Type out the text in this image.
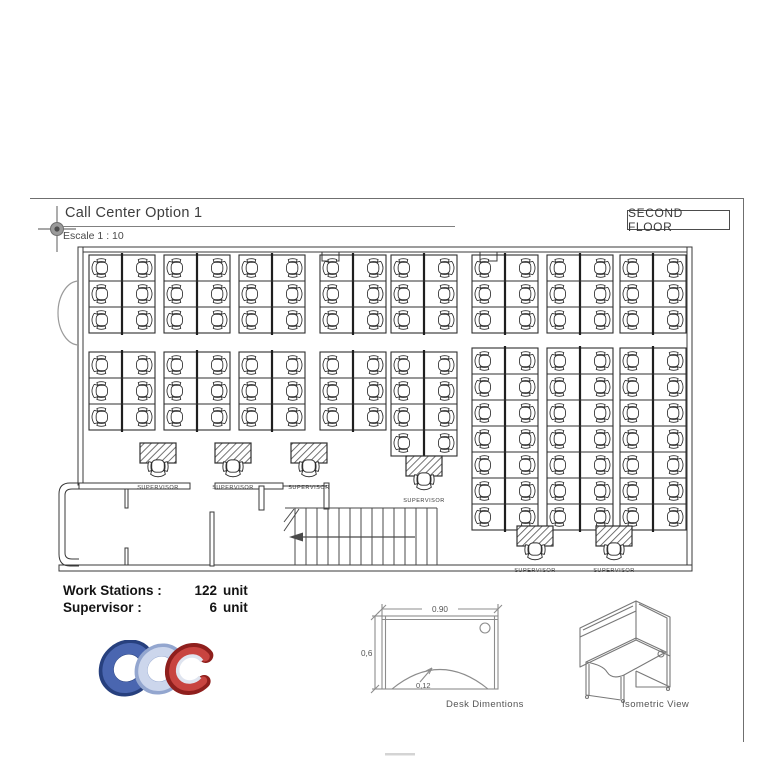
Call Center Option 1
Escale 1 : 10
SECOND FLOOR
SUPERVISOR	SUPERVISOR	SUPERVISOR
SUPERVISOR
SUPERVISOR	SUPERVISOR
Work Stations :	122 unit
Supervisor :	6 unit	0.90
0,6
0,12
Desk Dimentions	Isometric View
